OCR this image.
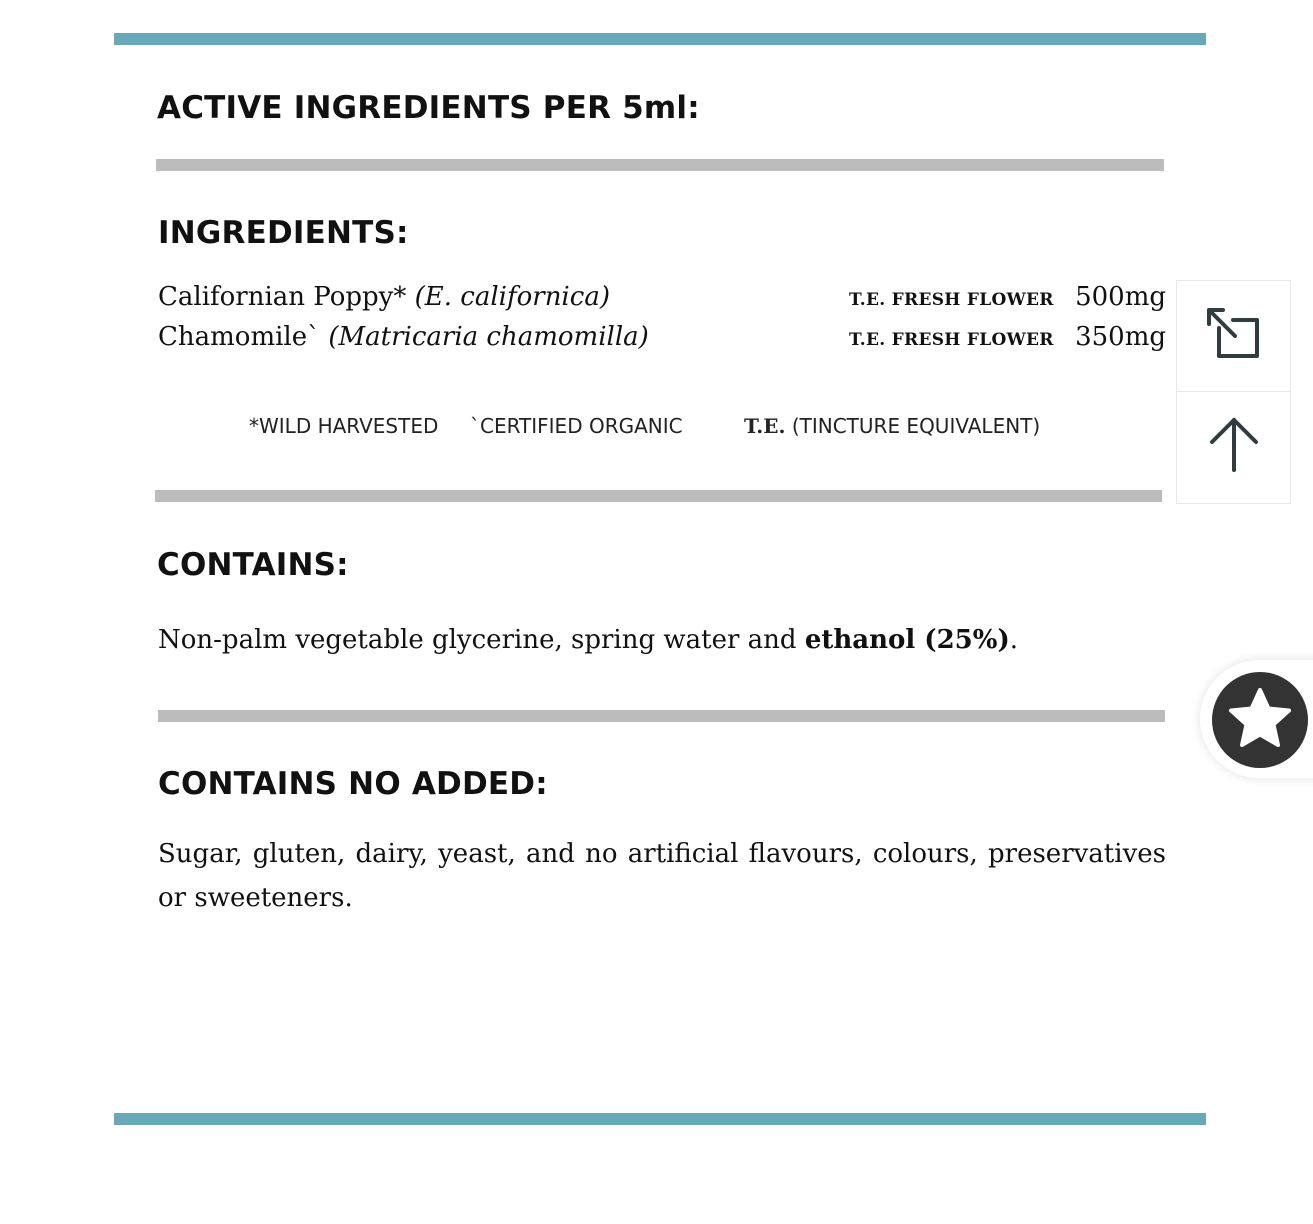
ACTIVE INGREDIENTS PER 5ml:
INGREDIENTS:
Californian Poppy* (E. californica)	T.E. FRESH FLOWER 500mg
Chamomile` (Matricaria chamomilla)	T.E. FRESH FLOWER 350mg
*WILD HARVESTED `CERTIFIED ORGANIC	T.E. (TINCTURE EQUIVALENT)
CONTAINS:

Non-palm vegetable glycerine, spring water and ethanol (25%).

CONTAINS NO ADDED:

Sugar, gluten, dairy, yeast, and no artificial flavours, colours, preservatives or sweeteners.
